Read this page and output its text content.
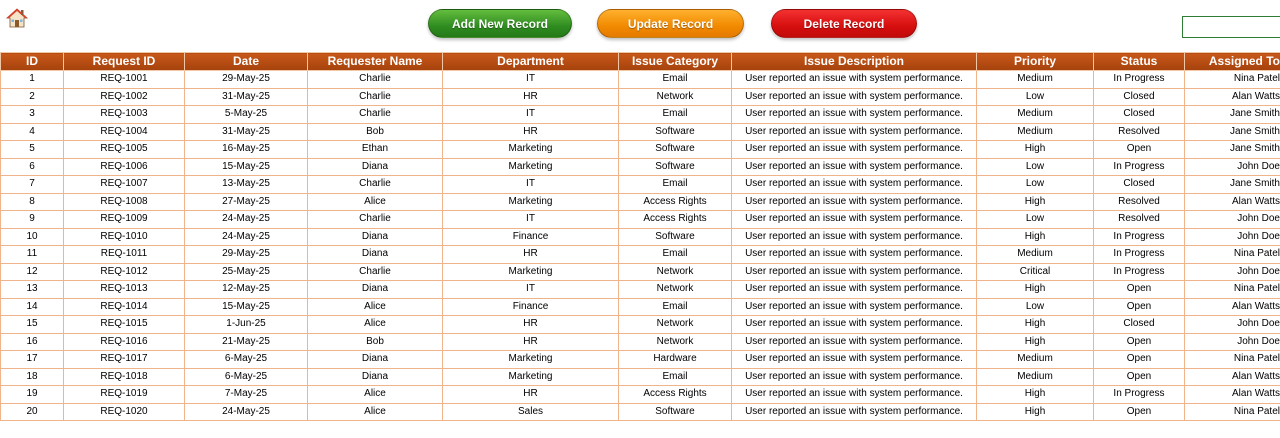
Add New Record	Update Record	Delete Record
ID	Request ID	Date	Requester Name	Department	Issue Category	Issue Description	Priority	Status	Assigned To
1	REQ-1001	29-May-25	Charlie	IT	Email	User reported an issue with system performance.	Medium	In Progress	Nina Patel
2	REQ-1002	31-May-25	Charlie	HR	Network	User reported an issue with system performance.	Low	Closed	Alan Watts
3	REQ-1003	5-May-25	Charlie	IT	Email	User reported an issue with system performance.	Medium	Closed	Jane Smith
4	REQ-1004	31-May-25	Bob	HR	Software	User reported an issue with system performance.	Medium	Resolved	Jane Smith
5	REQ-1005	16-May-25	Ethan	Marketing	Software	User reported an issue with system performance.	High	Open	Jane Smith
6	REQ-1006	15-May-25	Diana	Marketing	Software	User reported an issue with system performance.	Low	In Progress	John Doe
7	REQ-1007	13-May-25	Charlie	IT	Email	User reported an issue with system performance.	Low	Closed	Jane Smith
8	REQ-1008	27-May-25	Alice	Marketing	Access Rights	User reported an issue with system performance.	High	Resolved	Alan Watts
9	REQ-1009	24-May-25	Charlie	IT	Access Rights	User reported an issue with system performance.	Low	Resolved	John Doe
10	REQ-1010	24-May-25	Diana	Finance	Software	User reported an issue with system performance.	High	In Progress	John Doe
11	REQ-1011	29-May-25	Diana	HR	Email	User reported an issue with system performance.	Medium	In Progress	Nina Patel
12	REQ-1012	25-May-25	Charlie	Marketing	Network	User reported an issue with system performance.	Critical	In Progress	John Doe
13	REQ-1013	12-May-25	Diana	IT	Network	User reported an issue with system performance.	High	Open	Nina Patel
14	REQ-1014	15-May-25	Alice	Finance	Email	User reported an issue with system performance.	Low	Open	Alan Watts
15	REQ-1015	1-Jun-25	Alice	HR	Network	User reported an issue with system performance.	High	Closed	John Doe
16	REQ-1016	21-May-25	Bob	HR	Network	User reported an issue with system performance.	High	Open	John Doe
17	REQ-1017	6-May-25	Diana	Marketing	Hardware	User reported an issue with system performance.	Medium	Open	Nina Patel
18	REQ-1018	6-May-25	Diana	Marketing	Email	User reported an issue with system performance.	Medium	Open	Alan Watts
19	REQ-1019	7-May-25	Alice	HR	Access Rights	User reported an issue with system performance.	High	In Progress	Alan Watts
20	REQ-1020	24-May-25	Alice	Sales	Software	User reported an issue with system performance.	High	Open	Nina Patel
